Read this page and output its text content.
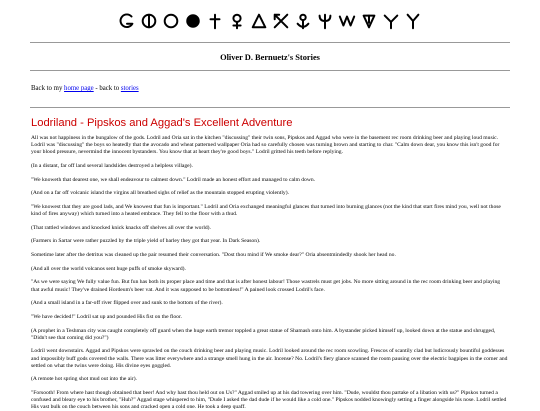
Oliver D. Bernuetz's Stories
Back to my home page - back to stories
Lodriland - Pipskos and Aggad's Excellent Adventure

All was not happiness in the bungalow of the gods. Lodril and Oria sat in the kitchen "discussing" their twin sons, Pipskos and Aggad who were in the basement rec room drinking beer and playing loud music. Lodril was "discussing" the boys so heatedly that the avocado and wheat patterned wallpaper Oria had so carefully chosen was turning brown and starting to char. "Calm down dear, you know this isn't good for your blood pressure, nevermind the innocent bystanders. You know that at heart they're good boys." Lodril gritted his teeth before replying.

(In a distant, far off land several landslides destroyed a helpless village).

"We knoweth that dearest one, we shall endeavour to calmest down." Lodril made an honest effort and managed to calm down.

(And on a far off volcanic island the virgins all breathed sighs of relief as the mountain stopped erupting violently).

"We knowest that they are good lads, and We knowest that fun is important." Lodril and Oria exchanged meaningful glances that turned into burning glances (not the kind that start fires mind you, well not those kind of fires anyway) which turned into a heated embrace. They fell to the floor with a thud.

(That rattled windows and knocked knick knacks off shelves all over the world).

(Farmers in Sartar were rather puzzled by the triple yield of barley they got that year. In Dark Season).

Sometime later after the detritus was cleaned up the pair resumed their conversation. "Dost thou mind if We smoke dear?" Oria absentmindedly shook her head no.

(And all over the world volcanos sent huge puffs of smoke skyward).

"As we were saying We fully value fun. But fun has both its proper place and time and that is after honest labour! Those wastrels must get jobs. No more sitting around in the rec room drinking beer and playing that awful music! They've drained Hordeum's beer vat. And it was supposed to be bottomless!" A pained look crossed Lodril's face.

(And a small island in a far-off river flipped over and sunk to the bottom of the river).

"We have decided!" Lodril sat up and pounded His fist on the floor.

(A prophet in a Teshman city was caught completely off guard when the huge earth tremor toppled a great statue of Shamash onto him. A bystander picked himself up, looked down at the statue and shrugged, "Didn't see that coming did you?")

Lodril went downstairs. Aggad and Pipskos were sprawled on the couch drinking beer and playing music. Lodril looked around the rec room scowling. Frescos of scantily clad but ludicrously bountiful goddesses and impossibly buff gods covered the walls. There was litter everywhere and a strange smell hung in the air. Incense? No. Lodril's fiery glance scanned the room pausing over the electric bagpipes in the corner and settled on what the twins were doing. His divine eyes goggled.

(A remote hot spring shot mud out into the air).

"Forsooth! From where hast though obtained that beer! And why hast thou held out on Us?" Aggad smiled up at his dad towering over him. "Dude, wouldst thou partake of a libation with us?" Pipskos turned a confused and bleary eye to his brother, "Huh?" Aggad stage whispered to him, "Dude I asked the dad dude if he would like a cold one." Pipskos nodded knowingly setting a finger alongside his nose. Lodril settled His vast bulk on the couch between his sons and cracked open a cold one. He took a deep quaff.
